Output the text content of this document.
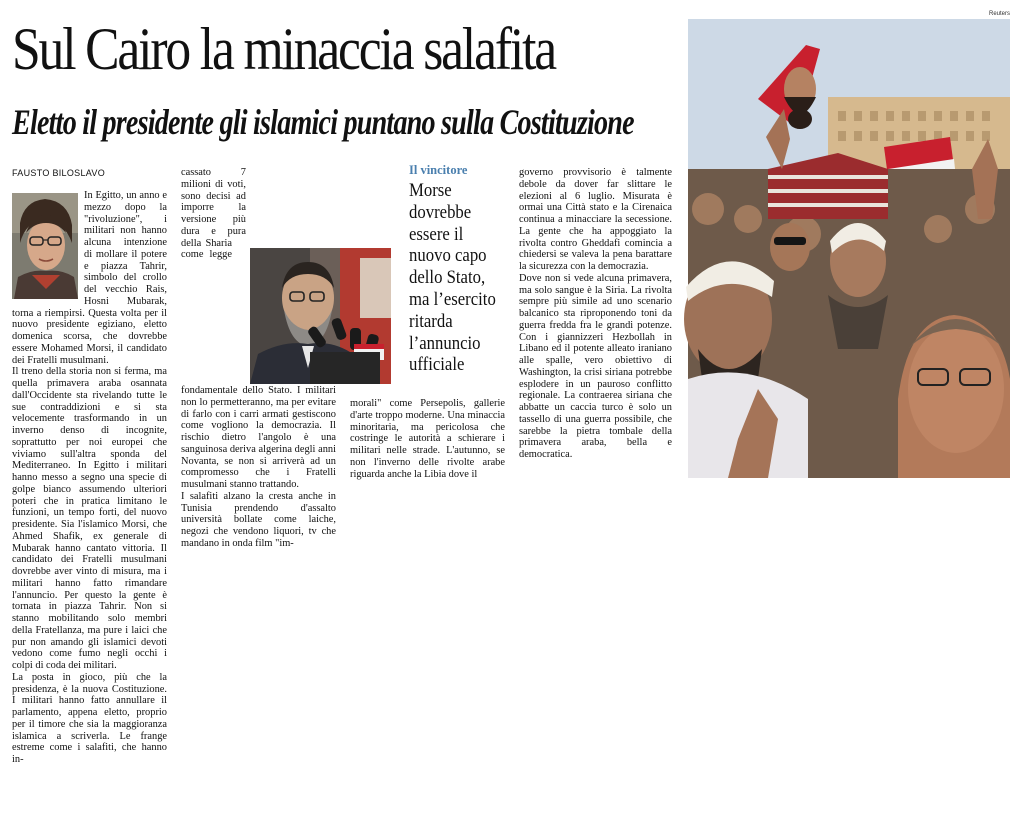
Reuters
Sul Cairo la minaccia salafita
Eletto il presidente gli islamici puntano sulla Costituzione
FAUSTO BILOSLAVO

In Egitto, un anno e mezzo dopo la "rivoluzione", i militari non hanno alcuna intenzione di mollare il potere e piazza Tahrir, simbolo del crollo del vecchio Rais, Hosni Mubarak, torna a riempirsi. Questa volta per il nuovo presidente egiziano, eletto domenica scorsa, che dovrebbe essere Mohamed Morsi, il candidato dei Fratelli musulmani.

Il treno della storia non si ferma, ma quella primavera araba osannata dall'Occidente sta rivelando tutte le sue contraddizioni e si sta velocemente trasformando in un inverno denso di incognite, soprattutto per noi europei che viviamo sull'altra sponda del Mediterraneo. In Egitto i militari hanno messo a segno una specie di golpe bianco assumendo ulteriori poteri che in pratica limitano le funzioni, un tempo forti, del nuovo presidente. Sia l'islamico Morsi, che Ahmed Shafik, ex generale di Mubarak hanno cantato vittoria. Il candidato dei Fratelli musulmani dovrebbe aver vinto di misura, ma i militari hanno fatto rimandare l'annuncio. Per questo la gente è tornata in piazza Tahrir. Non si stanno mobilitando solo membri della Fratellanza, ma pure i laici che pur non amando gli islamici devoti vedono come fumo negli occhi i colpi di coda dei militari.

La posta in gioco, più che la presidenza, è la nuova Costituzione. I militari hanno fatto annullare il parlamento, appena eletto, proprio per il timore che sia la maggioranza islamica a scriverla. Le frange estreme come i salafiti, che hanno in-

cassato 7 milioni di voti, sono decisi ad imporre la versione più dura e pura della Sharia come legge fondamentale dello Stato. I militari non lo permetteranno, ma per evitare di farlo con i carri armati gestiscono come vogliono la democrazia. Il rischio dietro l'angolo è una sanguinosa deriva algerina degli anni Novanta, se non si arriverà ad un compromesso che i Fratelli musulmani stanno trattando.

I salafiti alzano la cresta anche in Tunisia prendendo d'assalto università bollate come laiche, negozi che vendono liquori, tv che mandano in onda film "im-

Il vincitore
Morse dovrebbe essere il nuovo capo dello Stato, ma l’esercito ritarda l’annuncio ufficiale

morali" come Persepolis, gallerie d'arte troppo moderne. Una minaccia minoritaria, ma pericolosa che costringe le autorità a schierare i militari nelle strade. L'autunno, se non l'inverno delle rivolte arabe riguarda anche la Libia dove il

governo provvisorio è talmente debole da dover far slittare le elezioni al 6 luglio. Misurata è ormai una Città stato e la Cirenaica continua a minacciare la secessione. La gente che ha appoggiato la rivolta contro Gheddafi comincia a chiedersi se valeva la pena barattare la sicurezza con la democrazia.

Dove non si vede alcuna primavera, ma solo sangue è la Siria. La rivolta sempre più simile ad uno scenario balcanico sta riproponendo toni da guerra fredda fra le grandi potenze. Con i giannizzeri Hezbollah in Libano ed il potente alleato iraniano alle spalle, vero obiettivo di Washington, la crisi siriana potrebbe esplodere in un pauroso conflitto regionale. La contraerea siriana che abbatte un caccia turco è solo un tassello di una guerra possibile, che sarebbe la pietra tombale della primavera araba, bella e democratica.
